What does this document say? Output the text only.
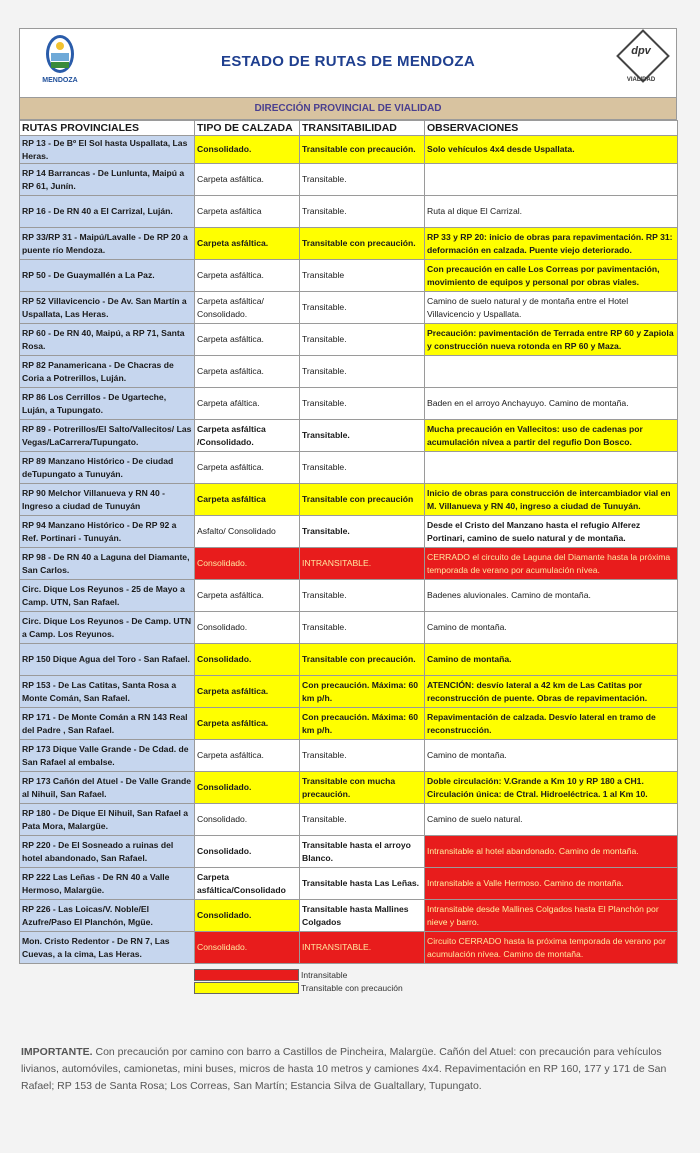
MENDOZA
ESTADO DE RUTAS DE MENDOZA
dpv
VIALIDAD
DIRECCIÓN PROVINCIAL DE VIALIDAD
RUTAS PROVINCIALES	TIPO DE CALZADA	TRANSITABILIDAD	OBSERVACIONES
RP 13 - De Bº El Sol hasta Uspallata, Las Heras.	Consolidado.	Transitable con precaución.	Solo vehículos 4x4 desde Uspallata.
RP 14 Barrancas - De Lunlunta, Maipú a RP 61, Junín.	Carpeta asfáltica.	Transitable.	
RP 16 - De RN 40 a El Carrizal, Luján.	Carpeta asfáltica	Transitable.	Ruta al dique El Carrizal.
RP 33/RP 31 - Maipú/Lavalle - De RP 20 a puente río Mendoza.	Carpeta asfáltica.	Transitable con precaución.	RP 33 y RP 20: inicio de obras para repavimentación. RP 31: deformación en calzada. Puente viejo deteriorado.
RP 50 - De Guaymallén a La Paz.	Carpeta asfáltica.	Transitable	Con precaución en calle Los Correas por pavimentación, movimiento de equipos y personal por obras viales.
RP 52 Villavicencio - De Av. San Martín a Uspallata, Las Heras.	Carpeta asfáltica/ Consolidado.	Transitable.	Camino de suelo natural y de montaña entre el Hotel Villavicencio y Uspallata.
RP 60 - De RN 40, Maipú, a RP 71, Santa Rosa.	Carpeta asfáltica.	Transitable.	Precaución: pavimentación de Terrada entre RP 60 y Zapiola y construcción nueva rotonda en RP 60 y Maza.
RP 82 Panamericana - De Chacras de Coria a Potrerillos, Luján.	Carpeta asfáltica.	Transitable.	
RP 86 Los Cerrillos - De Ugarteche, Luján, a Tupungato.	Carpeta afáltica.	Transitable.	Baden en el arroyo Anchayuyo. Camino de montaña.
RP 89 - Potrerillos/El Salto/Vallecitos/ Las Vegas/LaCarrera/Tupungato.	Carpeta asfáltica /Consolidado.	Transitable.	Mucha precaución en Vallecitos: uso de cadenas por acumulación nívea a partir del regufio Don Bosco.
RP 89 Manzano Histórico - De ciudad deTupungato a Tunuyán.	Carpeta asfáltica.	Transitable.	
RP 90 Melchor Villanueva y RN 40 - Ingreso a ciudad de Tunuyán	Carpeta asfáltica	Transitable con precaución	Inicio de obras para construcción de intercambiador vial en M. Villanueva y RN 40, ingreso a ciudad de Tunuyán.
RP 94 Manzano Histórico - De RP 92 a Ref. Portinari - Tunuyán.	Asfalto/ Consolidado	Transitable.	Desde el Cristo del Manzano hasta el refugio Alferez Portinari, camino de suelo natural y de montaña.
RP 98 - De RN 40 a Laguna del Diamante, San Carlos.	Consolidado.	INTRANSITABLE.	CERRADO el circuito de Laguna del Diamante hasta la próxima temporada de verano por acumulación nívea.
Circ. Dique Los Reyunos - 25 de Mayo a Camp. UTN, San Rafael.	Carpeta asfáltica.	Transitable.	Badenes aluvionales. Camino de montaña.
Circ. Dique Los Reyunos - De Camp. UTN a Camp. Los Reyunos.	Consolidado.	Transitable.	Camino de montaña.
RP 150 Dique Agua del Toro - San Rafael.	Consolidado.	Transitable con precaución.	Camino de montaña.
RP 153 - De Las Catitas, Santa Rosa a Monte Comán, San Rafael.	Carpeta asfáltica.	Con precaución. Máxima: 60 km p/h.	ATENCIÓN: desvío lateral a 42 km de Las Catitas por reconstrucción de puente. Obras de repavimentación.
RP 171 - De Monte Comán a RN 143 Real del Padre , San Rafael.	Carpeta asfáltica.	Con precaución. Máxima: 60 km p/h.	Repavimentación de calzada. Desvío lateral en tramo de reconstrucción.
RP 173 Dique Valle Grande - De Cdad. de San Rafael al embalse.	Carpeta asfáltica.	Transitable.	Camino de montaña.
RP 173 Cañón del Atuel - De Valle Grande al Nihuil, San Rafael.	Consolidado.	Transitable con mucha precaución.	Doble circulación: V.Grande a Km 10 y RP 180 a CH1. Circulación única: de Ctral. Hidroeléctrica. 1 al Km 10.
RP 180 - De Dique El Nihuil, San Rafael a Pata Mora, Malargüe.	Consolidado.	Transitable.	Camino de suelo natural.
RP 220 - De El Sosneado a ruinas del hotel abandonado, San Rafael.	Consolidado.	Transitable hasta el arroyo Blanco.	Intransitable al hotel abandonado. Camino de montaña.
RP 222 Las Leñas - De RN 40 a Valle Hermoso, Malargüe.	Carpeta asfáltica/Consolidado	Transitable hasta Las Leñas.	Intransitable a Valle Hermoso. Camino de montaña.
RP 226 - Las Loicas/V. Noble/El Azufre/Paso El Planchón, Mgüe.	Consolidado.	Transitable hasta Mallines Colgados	Intransitable desde Mallines Colgados hasta El Planchón por nieve y barro.
Mon. Cristo Redentor - De RN 7, Las Cuevas, a la cima, Las Heras.	Consolidado.	INTRANSITABLE.	Circuito CERRADO hasta la próxima temporada de verano por acumulación nívea. Camino de montaña.
Intransitable
Transitable con precaución
IMPORTANTE. Con precaución por camino con barro a Castillos de Pincheira, Malargüe. Cañón del Atuel: con precaución para vehículos livianos, automóviles, camionetas, mini buses, micros de hasta 10 metros y camiones 4x4. Repavimentación en RP 160, 177 y 171 de San Rafael; RP 153 de Santa Rosa; Los Correas, San Martín; Estancia Silva de Gualtallary, Tupungato.
